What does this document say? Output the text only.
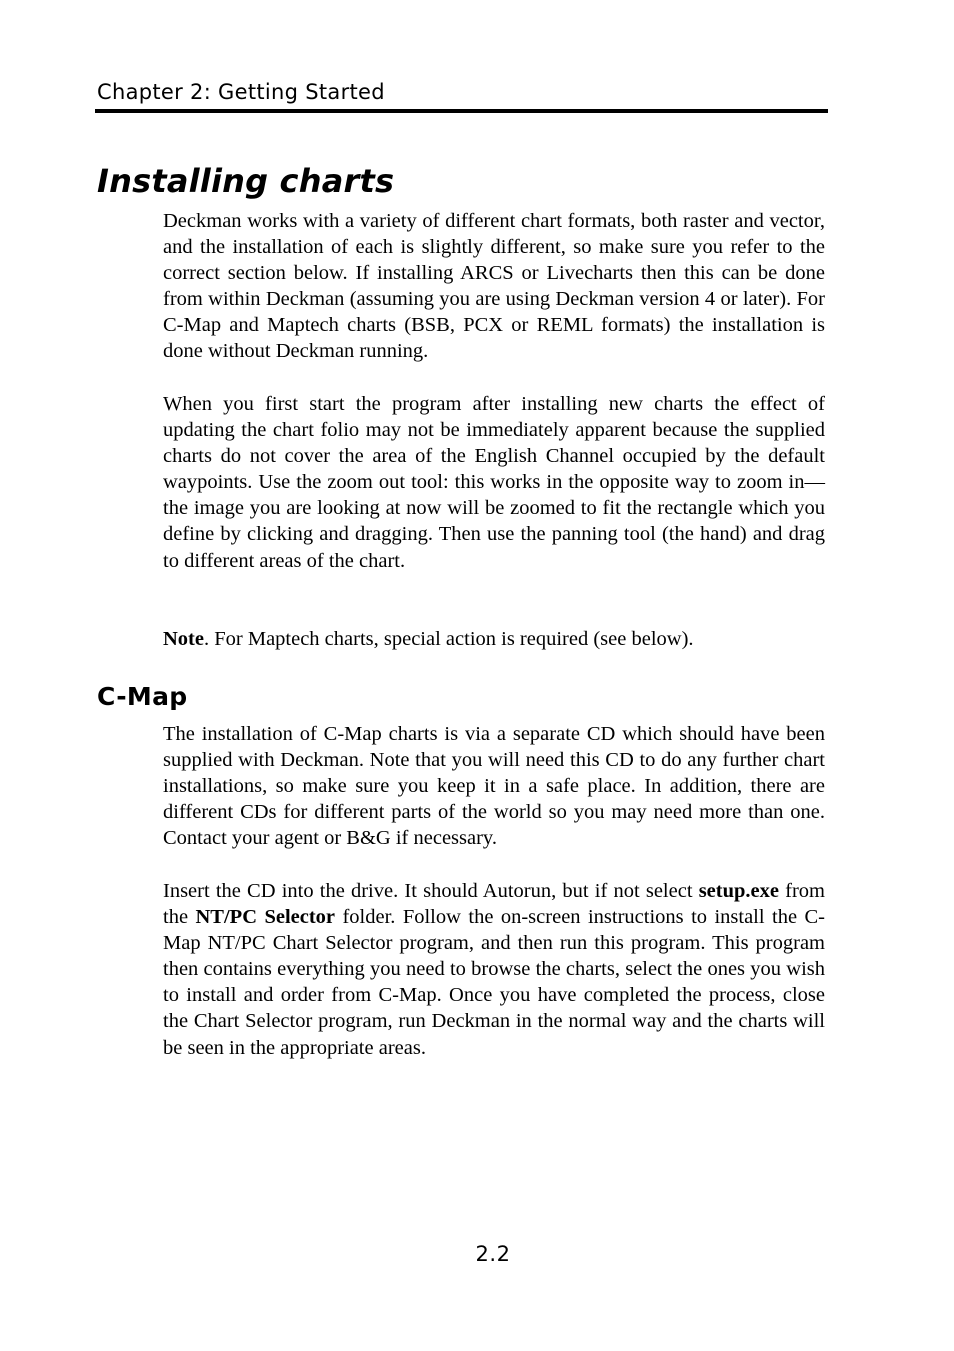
Chapter 2: Getting Started
Installing charts

Deckman works with a variety of different chart formats, both raster and vector, and the installation of each is slightly different, so make sure you refer to the correct section below. If installing ARCS or Livecharts then this can be done from within Deckman (assuming you are using Deckman version 4 or later). For C-Map and Maptech charts (BSB, PCX or REML formats) the installation is done without Deckman running.

When you first start the program after installing new charts the effect of updating the chart folio may not be immediately apparent because the supplied charts do not cover the area of the English Channel occupied by the default waypoints. Use the zoom out tool: this works in the opposite way to zoom in—the image you are looking at now will be zoomed to fit the rectangle which you define by clicking and dragging. Then use the panning tool (the hand) and drag to different areas of the chart.

Note. For Maptech charts, special action is required (see below).

C-Map

The installation of C-Map charts is via a separate CD which should have been supplied with Deckman. Note that you will need this CD to do any further chart installations, so make sure you keep it in a safe place. In addition, there are different CDs for different parts of the world so you may need more than one. Contact your agent or B&G if necessary.

Insert the CD into the drive. It should Autorun, but if not select setup.exe from the NT/PC Selector folder. Follow the on-screen instructions to install the C-Map NT/PC Chart Selector program, and then run this program. This program then contains everything you need to browse the charts, select the ones you wish to install and order from C-Map. Once you have completed the process, close the Chart Selector program, run Deckman in the normal way and the charts will be seen in the appropriate areas.

2.2
